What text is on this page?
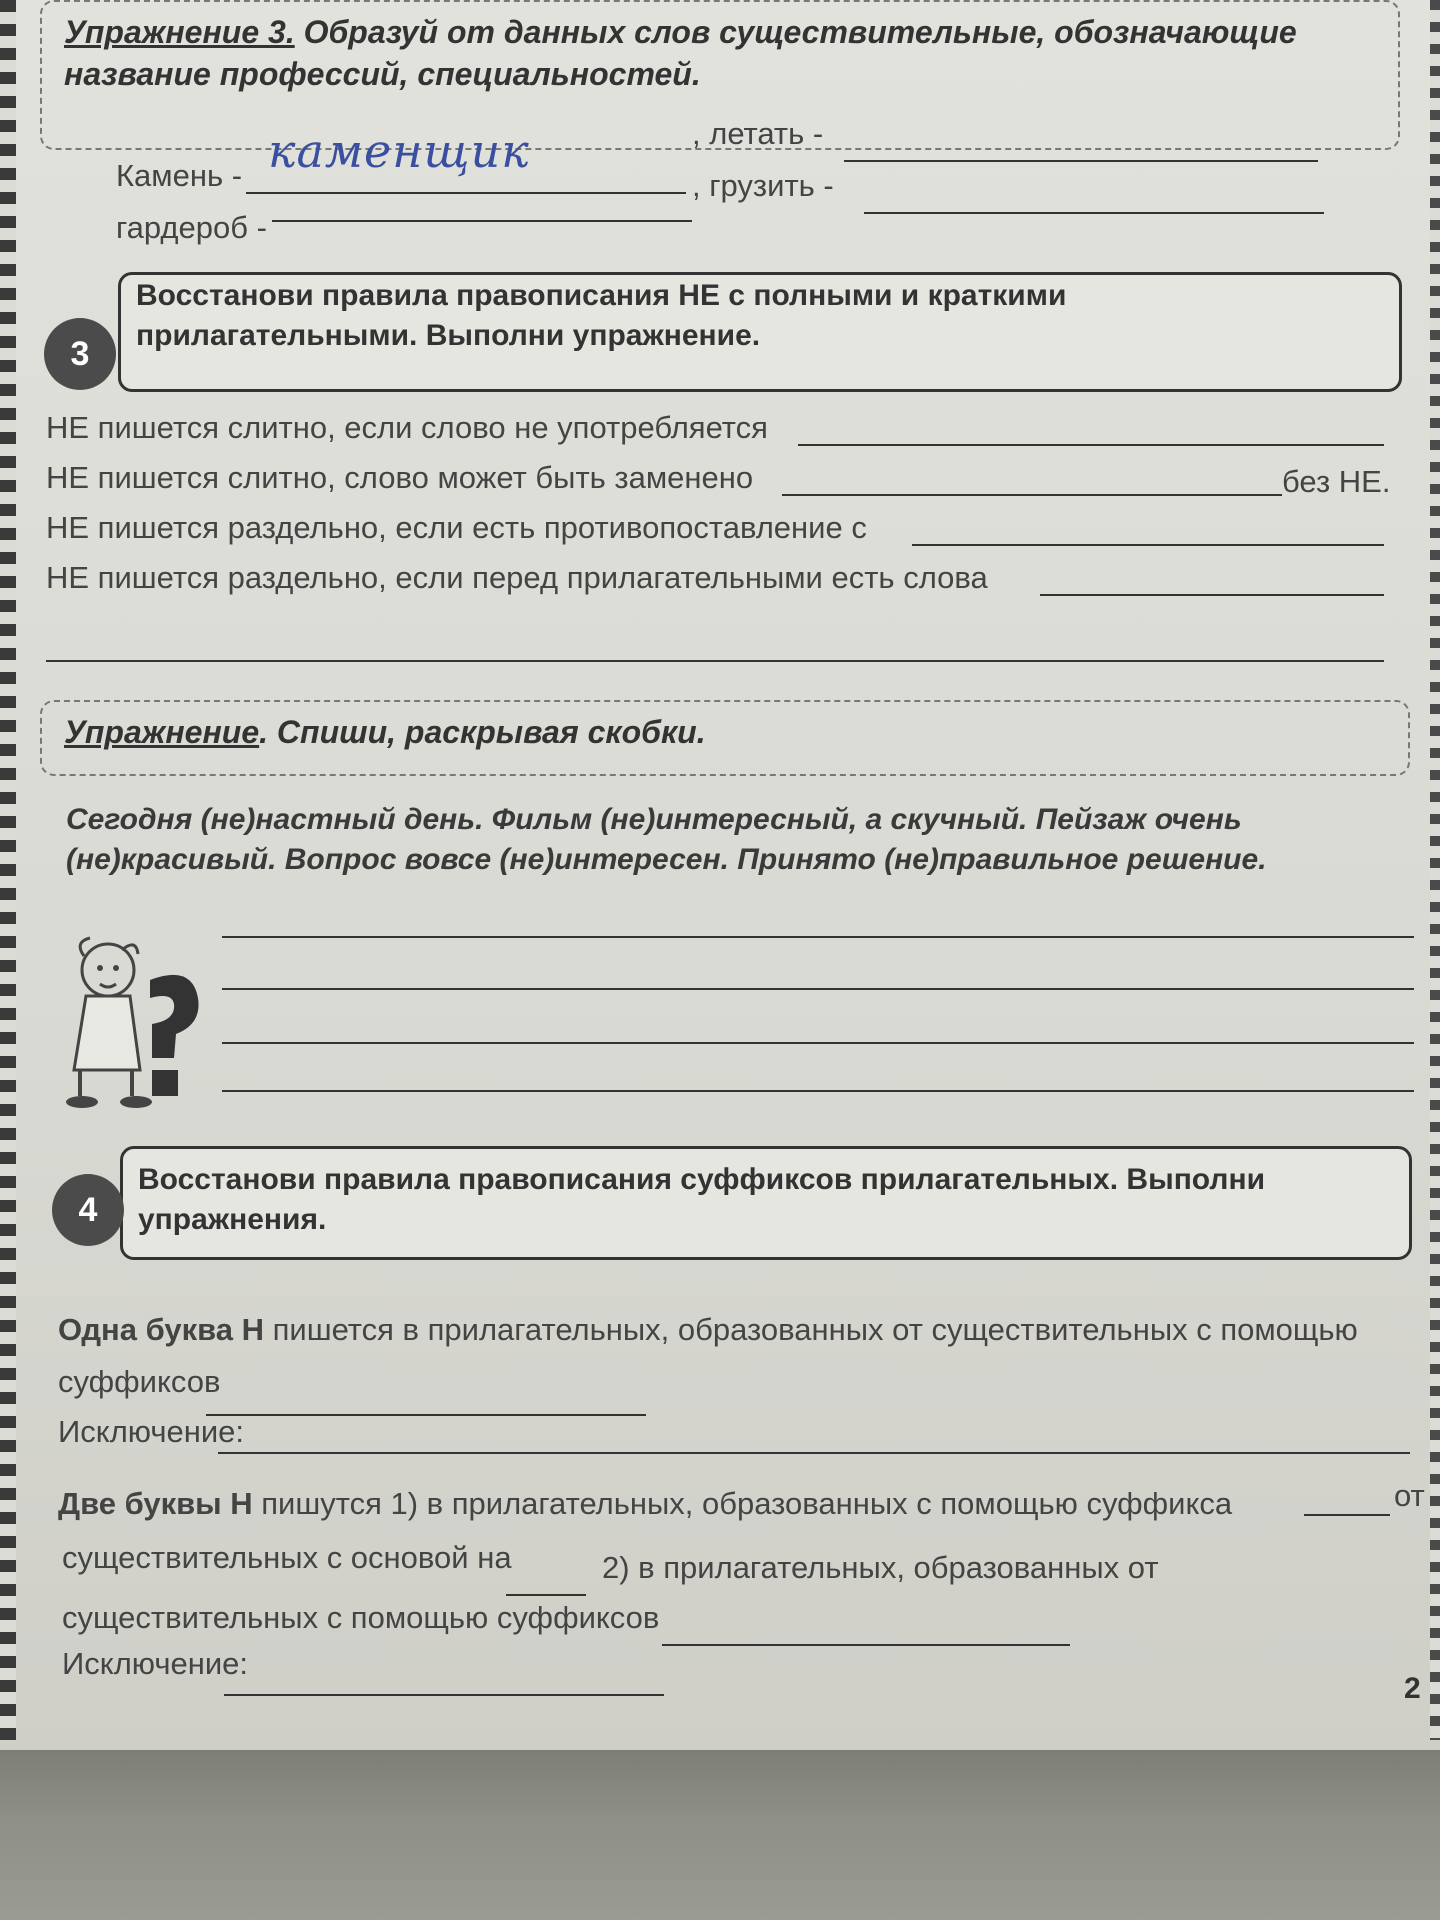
Упражнение 3. Образуй от данных слов существительные, обозначающие
название профессий, специальностей.
Камень - каменщик	, летать -
гардероб -
, грузить -
3
Восстанови правила правописания НЕ с полными и краткими
прилагательными. Выполни упражнение.
НЕ пишется слитно, если слово не употребляется
НЕ пишется слитно, слово может быть заменено	без НЕ.
НЕ пишется раздельно, если есть противопоставление с
НЕ пишется раздельно, если перед прилагательными есть слова
Упражнение. Спиши, раскрывая скобки.
Сегодня (не)настный день. Фильм (не)интересный, а скучный. Пейзаж очень
(не)красивый. Вопрос вовсе (не)интересен. Принято (не)правильное решение.
4
Восстанови правила правописания суффиксов прилагательных. Выполни
упражнения.
Одна буква Н пишется в прилагательных, образованных от существительных с помощью
суффиксов
Исключение:
Две буквы Н пишутся 1) в прилагательных, образованных с помощью суффикса	от
существительных с основой на	2) в прилагательных, образованных от
существительных с помощью суффиксов
Исключение:
2
